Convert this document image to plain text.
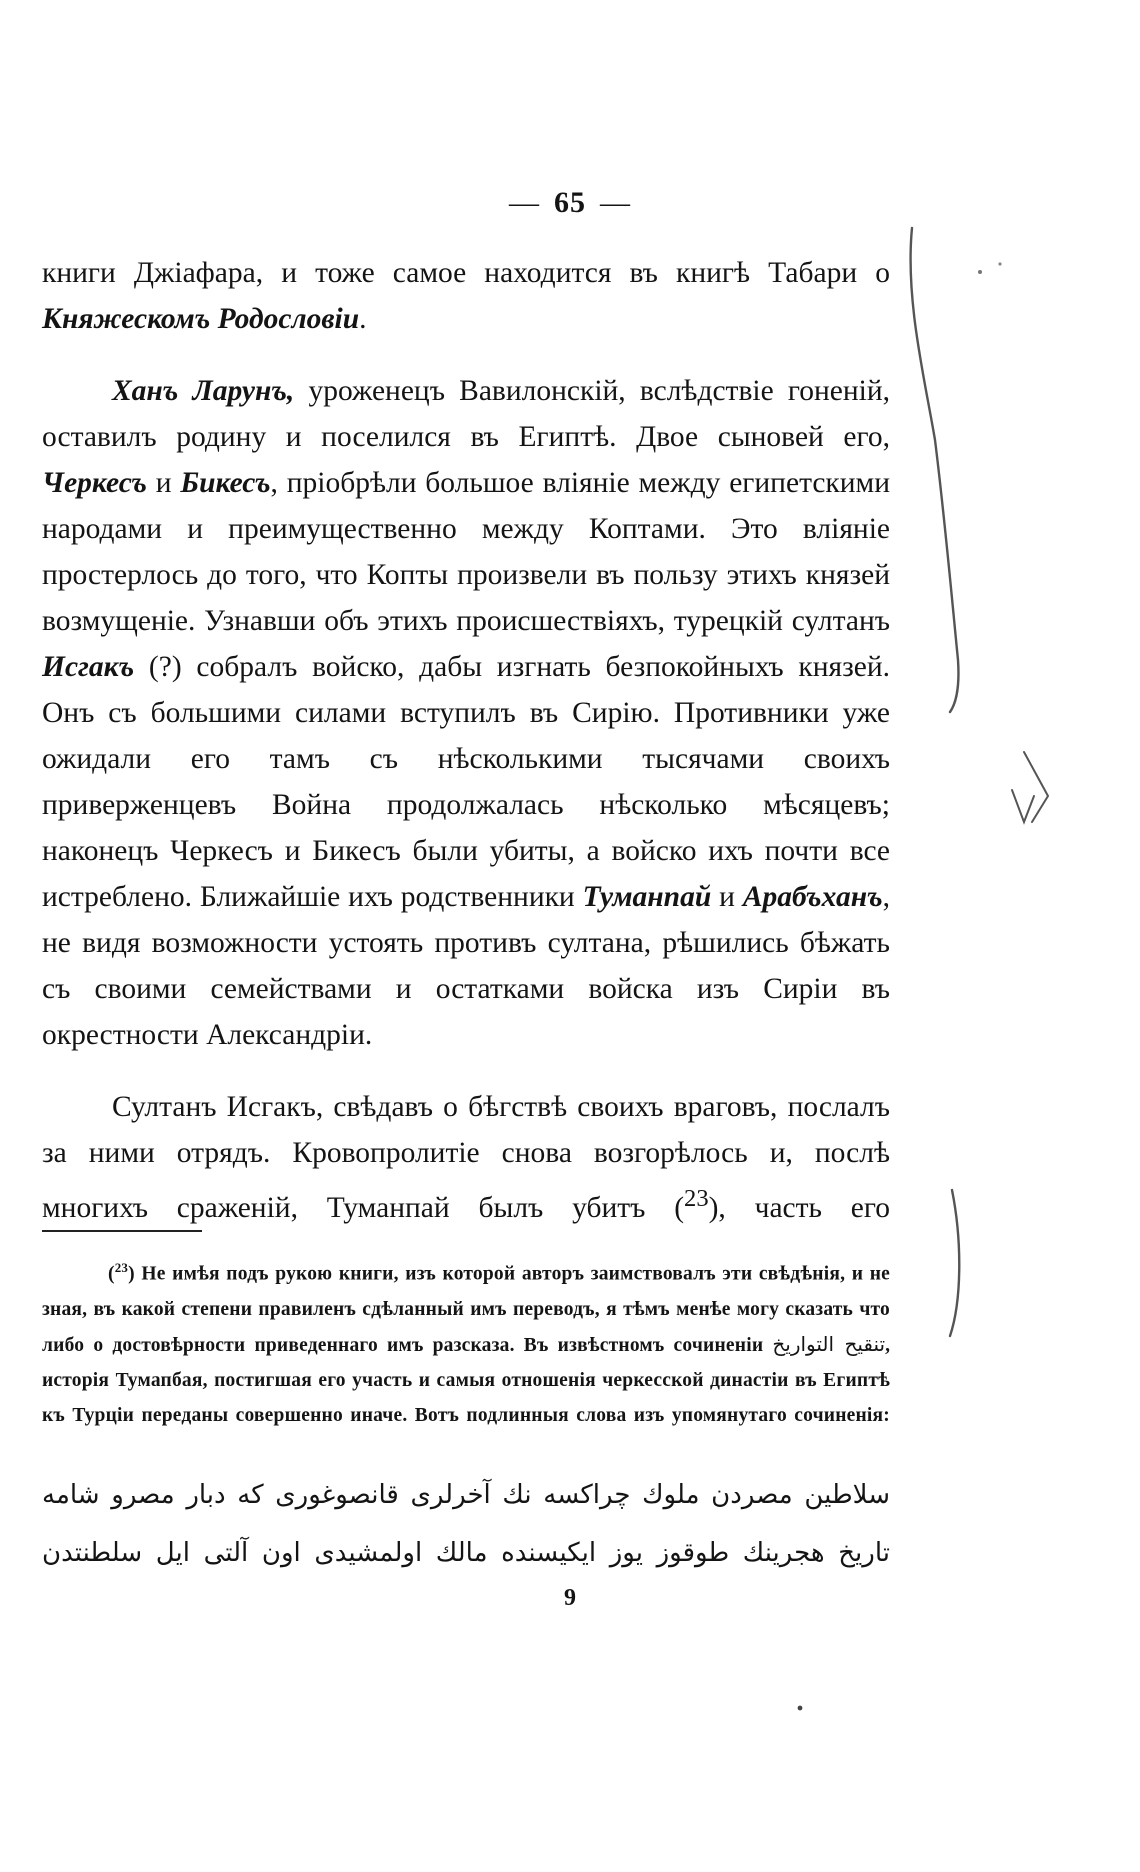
— 65 —

книги Джіафара, и тоже самое находится въ книгѣ Табари о Княжескомъ Родословіи.

Ханъ Ларунъ, уроженецъ Вавилонскій, вслѣдствіе гоненій, оставилъ родину и поселился въ Египтѣ. Двое сыновей его, Черкесъ и Бикесъ, пріобрѣли большое вліяніе между египетскими народами и преимущественно между Коптами. Это вліяніе простерлось до того, что Копты произвели въ пользу этихъ князей возмущеніе. Узнавши объ этихъ происшествіяхъ, турецкій султанъ Исгакъ (?) собралъ войско, дабы изгнать безпокойныхъ князей. Онъ съ большими силами вступилъ въ Сирію. Противники уже ожидали его тамъ съ нѣсколькими тысячами своихъ приверженцевъ Война продолжалась нѣсколько мѣсяцевъ; наконецъ Черкесъ и Бикесъ были убиты, а войско ихъ почти все истреблено. Ближайшіе ихъ родственники Туманпай и Арабъханъ, не видя возможности устоять противъ султана, рѣшились бѣжать съ своими семействами и остатками войска изъ Сиріи въ окрестности Александріи.

Султанъ Исгакъ, свѣдавъ о бѣгствѣ своихъ враговъ, послалъ за ними отрядъ. Кровопролитіе снова возгорѣлось и, послѣ многихъ сраженій, Туманпай былъ убитъ ($^{23}$), часть его

($^{23}$) Не имѣя подъ рукою книги, изъ которой авторъ заимствовалъ эти свѣдѣнія, и не зная, въ какой степени правиленъ сдѣланный имъ переводъ, я тѣмъ менѣе могу сказать что либо о достовѣрности приведеннаго имъ разсказа. Въ извѣстномъ сочиненіи تنقيح التواريخ, исторія Тумапбая, постигшая его участь и самыя отношенія черкесской династіи въ Египтѣ къ Турціи переданы совершенно иначе. Вотъ подлинныя слова изъ упомянутаго сочиненія:
سلاطين مصردن ملوك چراكسه نك آخرلرى قانصوغورى كه دبار مصرو شامه
تاريخ هجرينك طوقوز يوز ايكيسنده مالك اولمشيدى اون آلتى ايل سلطنتدن
9
